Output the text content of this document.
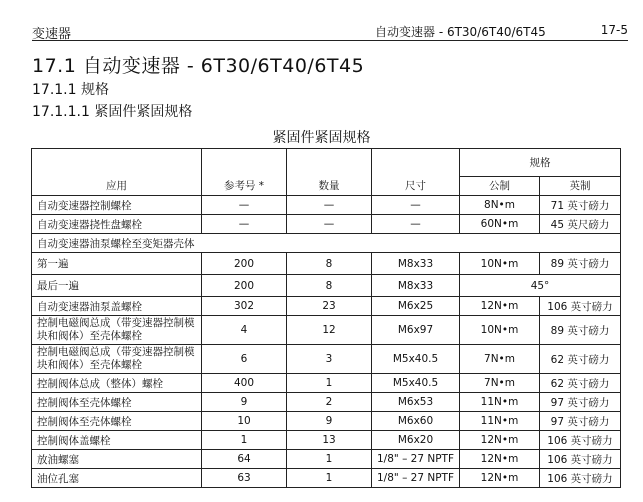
变速器	自动变速器 - 6T30/6T40/6T45	17-5
17.1 自动变速器 - 6T30/6T40/6T45
17.1.1 规格
17.1.1.1 紧固件紧固规格
紧固件紧固规格
应用	参考号 *	数量	尺寸	规格	
				公制	英制
自动变速器控制螺栓	—	—	—	8N•m	71 英寸磅力
自动变速器挠性盘螺栓	—	—	—	60N•m	45 英尺磅力
自动变速器油泵螺栓至变矩器壳体					
第一遍	200	8	M8x33	10N•m	89 英寸磅力
最后一遍	200	8	M8x33	45°	
自动变速器油泵盖螺栓	302	23	M6x25	12N•m	106 英寸磅力
控制电磁阀总成（带变速器控制模块和阀体）至壳体螺栓	4	12	M6x97	10N•m	89 英寸磅力
控制电磁阀总成（带变速器控制模块和阀体）至壳体螺栓	6	3	M5x40.5	7N•m	62 英寸磅力
控制阀体总成（整体）螺栓	400	1	M5x40.5	7N•m	62 英寸磅力
控制阀体至壳体螺栓	9	2	M6x53	11N•m	97 英寸磅力
控制阀体至壳体螺栓	10	9	M6x60	11N•m	97 英寸磅力
控制阀体盖螺栓	1	13	M6x20	12N•m	106 英寸磅力
放油螺塞	64	1	1/8" – 27 NPTF	12N•m	106 英寸磅力
油位孔塞	63	1	1/8" – 27 NPTF	12N•m	106 英寸磅力
